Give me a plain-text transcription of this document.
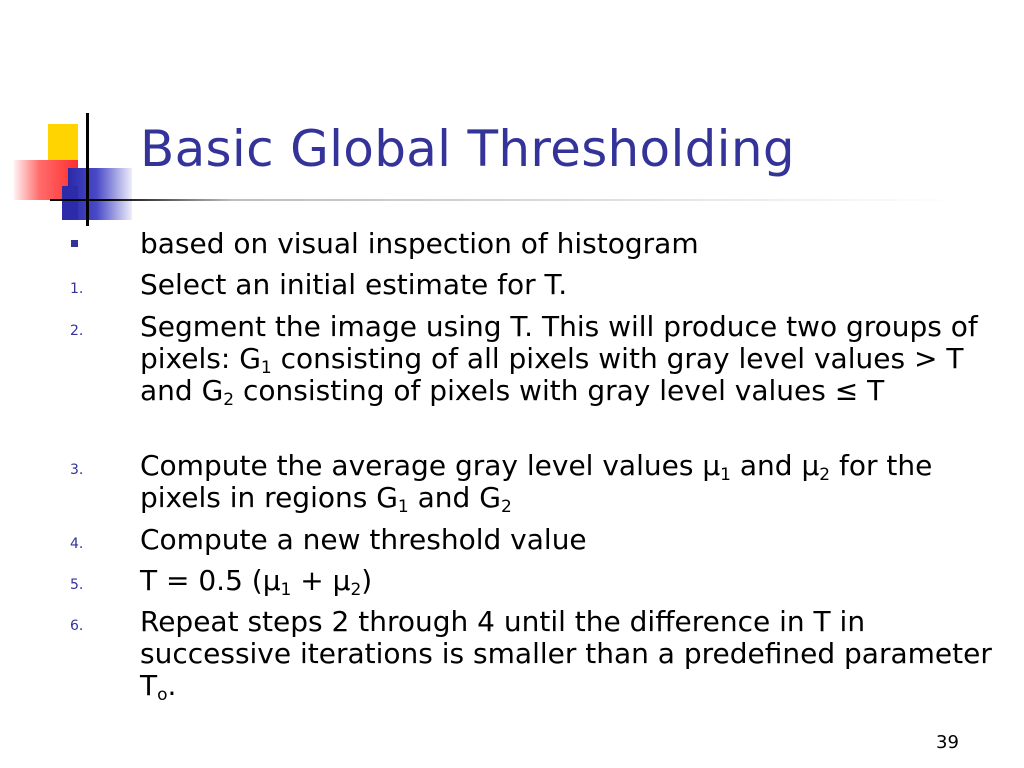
Basic Global Thresholding
based on visual inspection of histogram
1. Select an initial estimate for T.
2. Segment the image using T. This will produce two groups of pixels: $G_1$ consisting of all pixels with gray level values > T and $G_2$ consisting of pixels with gray level values ≤ T
3. Compute the average gray level values $\mu_1$ and $\mu_2$ for the pixels in regions $G_1$ and $G_2$
4. Compute a new threshold value
5. T = 0.5 $(\mu_1 + \mu_2)$
6. Repeat steps 2 through 4 until the difference in T in successive iterations is smaller than a predefined parameter $T_o$.
39
